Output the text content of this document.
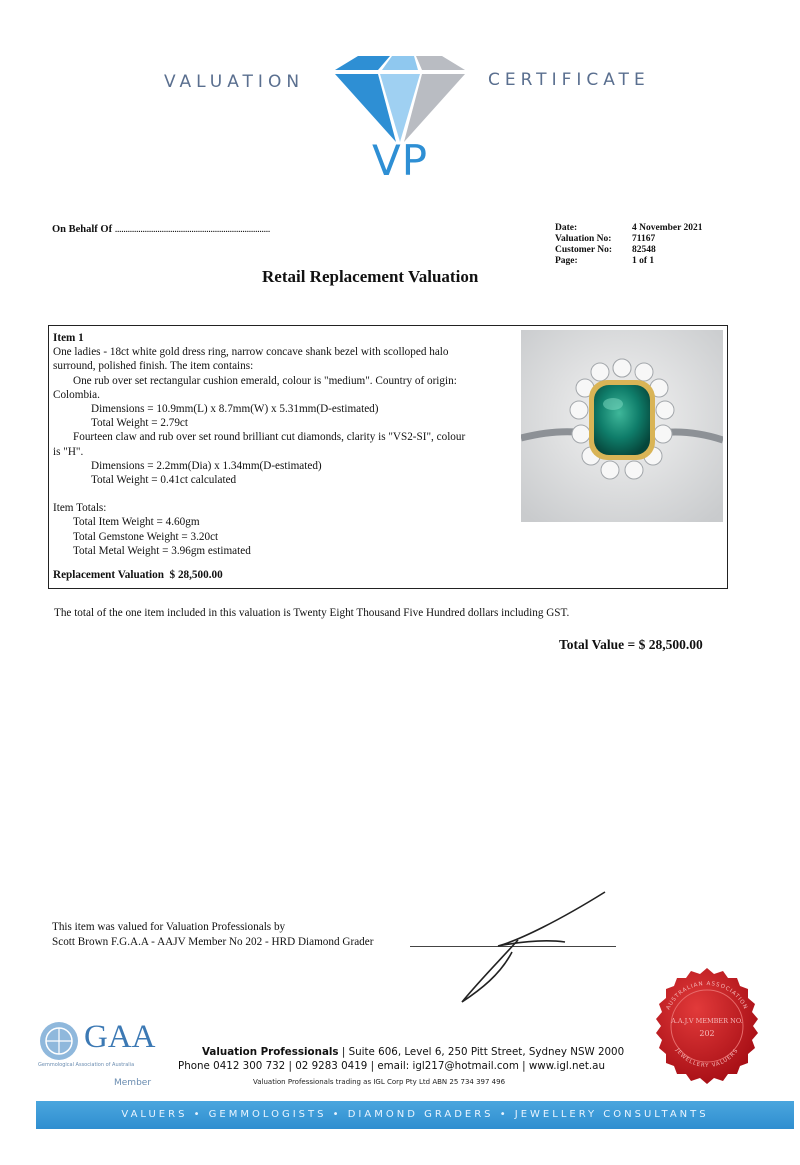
VALUATION	CERTIFICATE
VP
On Behalf Of .........................................................................	Date:	4 November 2021
Valuation No: 71167
Customer No: 82548
Page:	1 of 1
Retail Replacement Valuation
Item 1
One ladies - 18ct white gold dress ring, narrow concave shank bezel with scolloped halo
surround, polished finish. The item contains:
One rub over set rectangular cushion emerald, colour is "medium". Country of origin:
Colombia.
Dimensions = 10.9mm(L) x 8.7mm(W) x 5.31mm(D-estimated)
Total Weight = 2.79ct
Fourteen claw and rub over set round brilliant cut diamonds, clarity is "VS2-SI", colour
is "H".
Dimensions = 2.2mm(Dia) x 1.34mm(D-estimated)
Total Weight = 0.41ct calculated
Item Totals:
Total Item Weight = 4.60gm
Total Gemstone Weight = 3.20ct
Total Metal Weight = 3.96gm estimated
Replacement Valuation $ 28,500.00
The total of the one item included in this valuation is Twenty Eight Thousand Five Hundred dollars including GST.
Total Value = $ 28,500.00
This item was valued for Valuation Professionals by
Scott Brown F.G.A.A - AAJV Member No 202 - HRD Diamond Grader
AUSTRALIAN ASSOCIATION
JEWELLERY VALUERS
A.A.J.V MEMBER NO.
202
GAA
Gemmological Association of Australia
Member
Valuation Professionals | Suite 606, Level 6, 250 Pitt Street, Sydney NSW 2000
Phone 0412 300 732 | 02 9283 0419 | email: igl217@hotmail.com | www.igl.net.au
Valuation Professionals trading as IGL Corp Pty Ltd ABN 25 734 397 496
VALUERS • GEMMOLOGISTS • DIAMOND GRADERS • JEWELLERY CONSULTANTS
